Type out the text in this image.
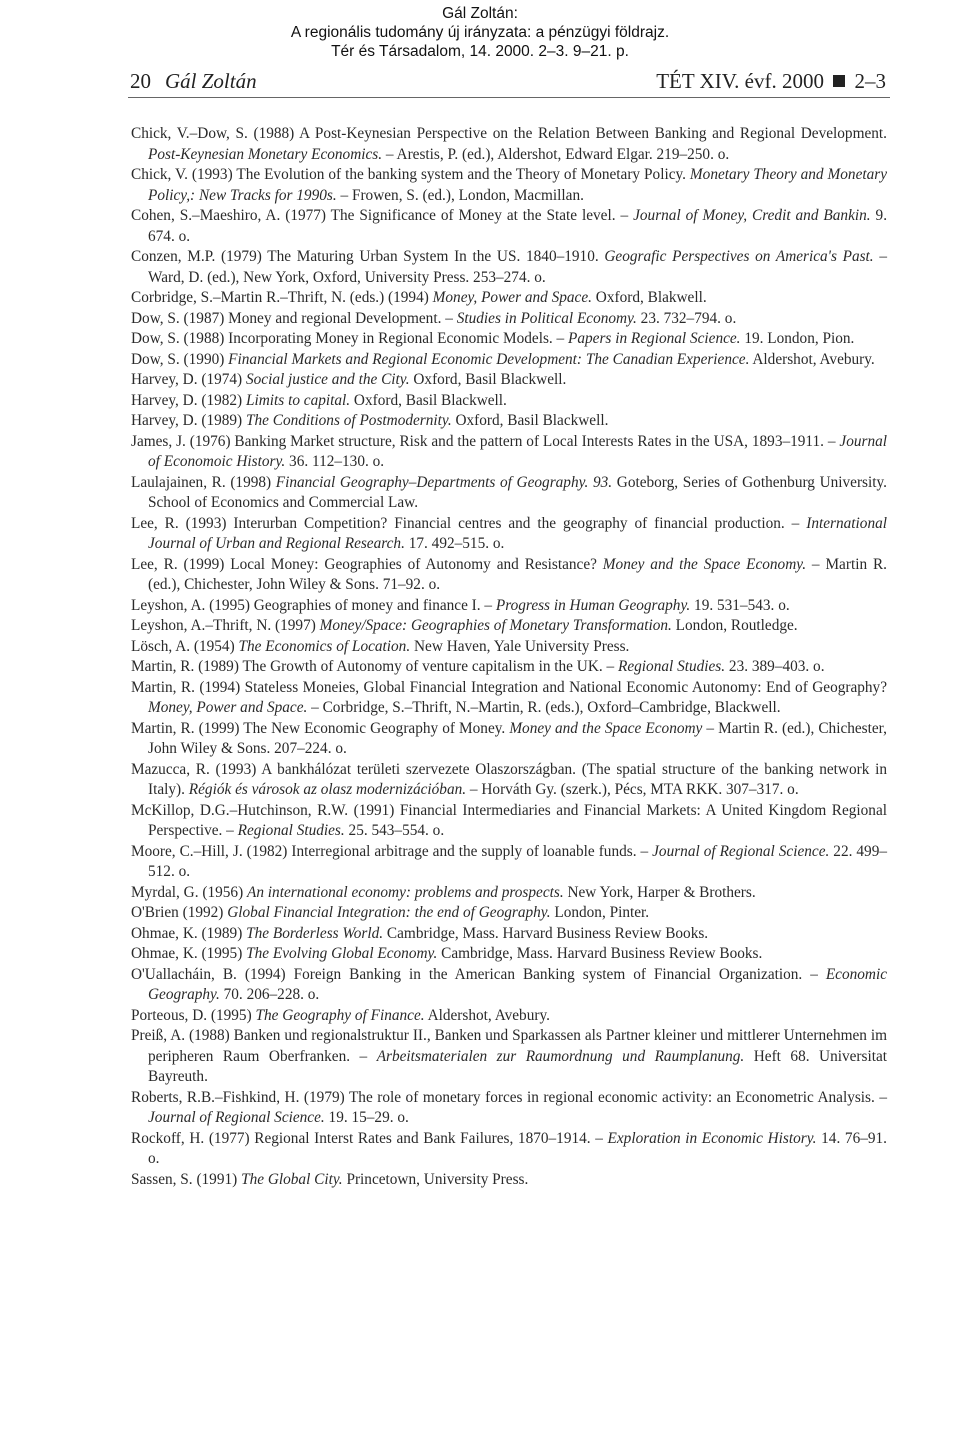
Gál Zoltán:
A regionális tudomány új irányzata: a pénzügyi földrajz.
Tér és Társadalom, 14. 2000. 2–3. 9–21. p.
20 Gál Zoltán	TÉT XIV. évf. 2000 2–3

Chick, V.–Dow, S. (1988) A Post-Keynesian Perspective on the Relation Between Banking and Regional Development. Post-Keynesian Monetary Economics. – Arestis, P. (ed.), Aldershot, Edward Elgar. 219–250. o.

Chick, V. (1993) The Evolution of the banking system and the Theory of Monetary Policy. Monetary Theory and Monetary Policy,: New Tracks for 1990s. – Frowen, S. (ed.), London, Macmillan.

Cohen, S.–Maeshiro, A. (1977) The Significance of Money at the State level. – Journal of Money, Credit and Bankin. 9. 674. o.

Conzen, M.P. (1979) The Maturing Urban System In the US. 1840–1910. Geografic Perspectives on America's Past. – Ward, D. (ed.), New York, Oxford, University Press. 253–274. o.

Corbridge, S.–Martin R.–Thrift, N. (eds.) (1994) Money, Power and Space. Oxford, Blakwell.

Dow, S. (1987) Money and regional Development. – Studies in Political Economy. 23. 732–794. o.

Dow, S. (1988) Incorporating Money in Regional Economic Models. – Papers in Regional Science. 19. London, Pion.

Dow, S. (1990) Financial Markets and Regional Economic Development: The Canadian Experience. Aldershot, Avebury.

Harvey, D. (1974) Social justice and the City. Oxford, Basil Blackwell.

Harvey, D. (1982) Limits to capital. Oxford, Basil Blackwell.

Harvey, D. (1989) The Conditions of Postmodernity. Oxford, Basil Blackwell.

James, J. (1976) Banking Market structure, Risk and the pattern of Local Interests Rates in the USA, 1893–1911. – Journal of Economoic History. 36. 112–130. o.

Laulajainen, R. (1998) Financial Geography–Departments of Geography. 93. Goteborg, Series of Gothenburg University. School of Economics and Commercial Law.

Lee, R. (1993) Interurban Competition? Financial centres and the geography of financial production. – International Journal of Urban and Regional Research. 17. 492–515. o.

Lee, R. (1999) Local Money: Geographies of Autonomy and Resistance? Money and the Space Economy. – Martin R. (ed.), Chichester, John Wiley & Sons. 71–92. o.

Leyshon, A. (1995) Geographies of money and finance I. – Progress in Human Geography. 19. 531–543. o.

Leyshon, A.–Thrift, N. (1997) Money/Space: Geographies of Monetary Transformation. London, Routledge.

Lösch, A. (1954) The Economics of Location. New Haven, Yale University Press.

Martin, R. (1989) The Growth of Autonomy of venture capitalism in the UK. – Regional Studies. 23. 389–403. o.

Martin, R. (1994) Stateless Moneies, Global Financial Integration and National Economic Autonomy: End of Geography? Money, Power and Space. – Corbridge, S.–Thrift, N.–Martin, R. (eds.), Oxford–Cambridge, Blackwell.

Martin, R. (1999) The New Economic Geography of Money. Money and the Space Economy – Martin R. (ed.), Chichester, John Wiley & Sons. 207–224. o.

Mazucca, R. (1993) A bankhálózat területi szervezete Olaszországban. (The spatial structure of the banking network in Italy). Régiók és városok az olasz modernizációban. – Horváth Gy. (szerk.), Pécs, MTA RKK. 307–317. o.

McKillop, D.G.–Hutchinson, R.W. (1991) Financial Intermediaries and Financial Markets: A United Kingdom Regional Perspective. – Regional Studies. 25. 543–554. o.

Moore, C.–Hill, J. (1982) Interregional arbitrage and the supply of loanable funds. – Journal of Regional Science. 22. 499–512. o.

Myrdal, G. (1956) An international economy: problems and prospects. New York, Harper & Brothers.

O'Brien (1992) Global Financial Integration: the end of Geography. London, Pinter.

Ohmae, K. (1989) The Borderless World. Cambridge, Mass. Harvard Business Review Books.

Ohmae, K. (1995) The Evolving Global Economy. Cambridge, Mass. Harvard Business Review Books.

O'Uallacháin, B. (1994) Foreign Banking in the American Banking system of Financial Organization. – Economic Geography. 70. 206–228. o.

Porteous, D. (1995) The Geography of Finance. Aldershot, Avebury.

Preiß, A. (1988) Banken und regionalstruktur II., Banken und Sparkassen als Partner kleiner und mittlerer Unternehmen im peripheren Raum Oberfranken. – Arbeitsmaterialen zur Raumordnung und Raumplanung. Heft 68. Universitat Bayreuth.

Roberts, R.B.–Fishkind, H. (1979) The role of monetary forces in regional economic activity: an Econometric Analysis. – Journal of Regional Science. 19. 15–29. o.

Rockoff, H. (1977) Regional Interst Rates and Bank Failures, 1870–1914. – Exploration in Economic History. 14. 76–91. o.

Sassen, S. (1991) The Global City. Princetown, University Press.
